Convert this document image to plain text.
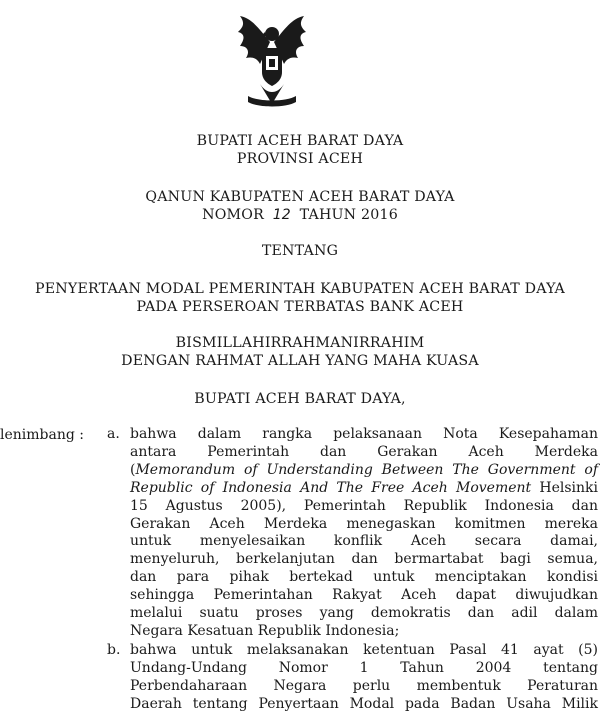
BUPATI ACEH BARAT DAYA
PROVINSI ACEH
QANUN KABUPATEN ACEH BARAT DAYA
NOMOR 12 TAHUN 2016
TENTANG
PENYERTAAN MODAL PEMERINTAH KABUPATEN ACEH BARAT DAYA
PADA PERSEROAN TERBATAS BANK ACEH
BISMILLAHIRRAHMANIRRAHIM
DENGAN RAHMAT ALLAH YANG MAHA KUASA
BUPATI ACEH BARAT DAYA,
lenimbang : a. bahwa dalam rangka pelaksanaan Nota Kesepahaman
antara Pemerintah dan Gerakan Aceh Merdeka
(Memorandum of Understanding Between The Government of
Republic of Indonesia And The Free Aceh Movement Helsinki
15 Agustus 2005), Pemerintah Republik Indonesia dan
Gerakan Aceh Merdeka menegaskan komitmen mereka
untuk menyelesaikan konflik Aceh secara damai,
menyeluruh, berkelanjutan dan bermartabat bagi semua,
dan para pihak bertekad untuk menciptakan kondisi
sehingga Pemerintahan Rakyat Aceh dapat diwujudkan
melalui suatu proses yang demokratis dan adil dalam
Negara Kesatuan Republik Indonesia;
b. bahwa untuk melaksanakan ketentuan Pasal 41 ayat (5)
Undang-Undang Nomor 1 Tahun 2004 tentang
Perbendaharaan Negara perlu membentuk Peraturan
Daerah tentang Penyertaan Modal pada Badan Usaha Milik
